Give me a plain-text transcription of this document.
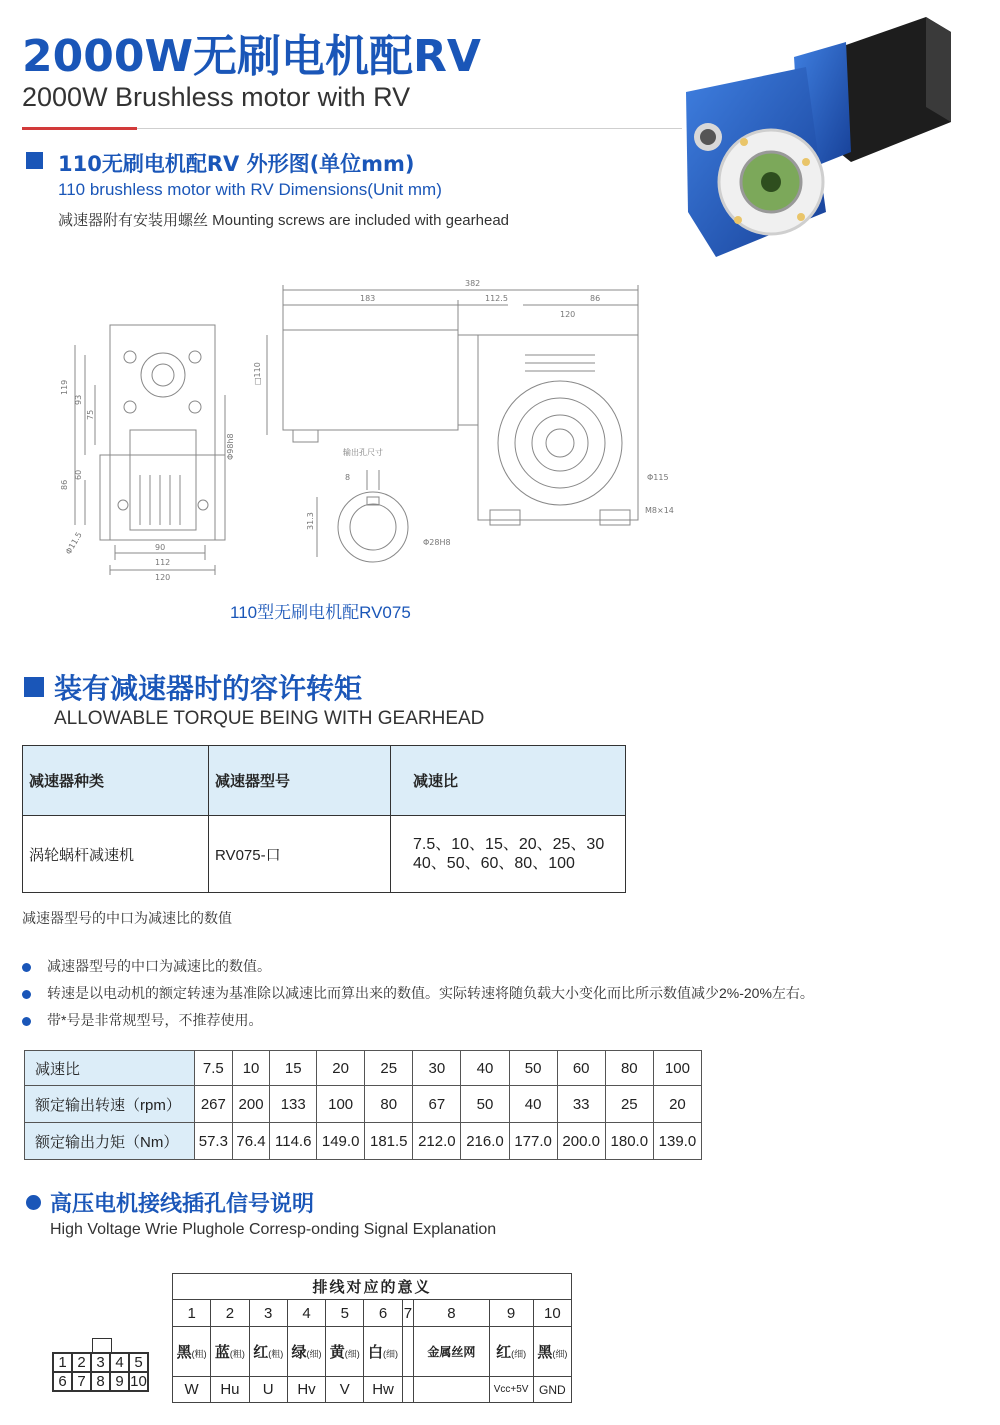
2000W无刷电机配RV
2000W Brushless motor with RV
110无刷电机配RV 外形图(单位mm)
110 brushless motor with RV Dimensions(Unit mm)
减速器附有安装用螺丝 Mounting screws are included with gearhead
382
183	112.5	86
120
□110
119
93
75
86
60
Φ98h8
90
112
120
Φ11.5
输出孔尺寸
8
31.3
Φ28H8
Φ115
M8×14
110型无刷电机配RV075
装有减速器时的容许转矩
ALLOWABLE TORQUE BEING WITH GEARHEAD
减速器种类	减速器型号	减速比
涡轮蜗杆减速机	RV075-口	7.5、10、15、20、25、30
40、50、60、80、100
减速器型号的中口为减速比的数值
减速器型号的中口为减速比的数值。
转速是以电动机的额定转速为基准除以减速比而算出来的数值。实际转速将随负载大小变化而比所示数值减少2%-20%左右。
带*号是非常规型号，不推荐使用。
减速比	7.5	10	15	20	25	30	40	50	60	80	100
额定输出转速（rpm）	267	200	133	100	80	67	50	40	33	25	20
额定输出力矩（Nm）	57.3	76.4	114.6	149.0	181.5	212.0	216.0	177.0	200.0	180.0	139.0
高压电机接线插孔信号说明
High Voltage Wrie Plughole Corresp-onding Signal Explanation
1 2 3 4 5
6 7 8 9 10
排线对应的意义									
1	2	3	4	5	6	7	8	9	10
黑(粗)	蓝(粗)	红(粗)	绿(细)	黄(细)	白(细)		金属丝网	红(细)	黑(细)
W	Hu	U	Hv	V	Hw			Vcc+5V	GND
